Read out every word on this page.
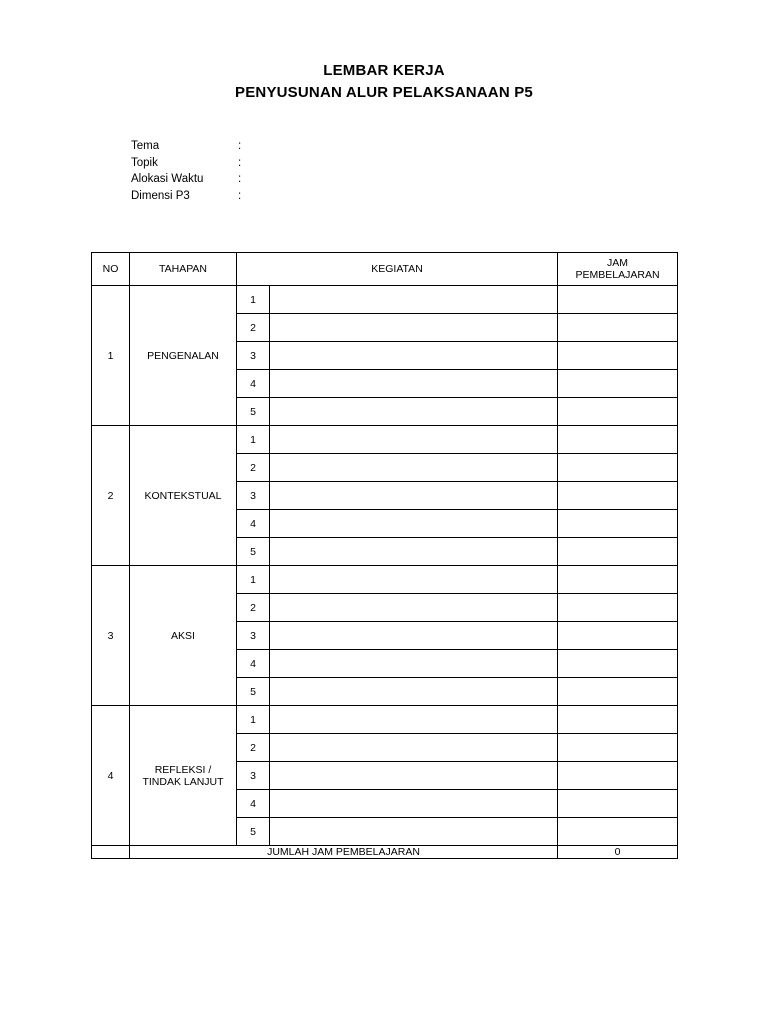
LEMBAR KERJA
PENYUSUNAN ALUR PELAKSANAAN P5
Tema	:
Topik	:
Alokasi Waktu	:
Dimensi P3	:
NO	TAHAPAN	KEGIATAN		JAM
PEMBELAJARAN

1	PENGENALAN	1		
		2		
		3		
		4		
		5		
2	KONTEKSTUAL	1		
		2		
		3		
		4		
		5		
3	AKSI	1		
		2		
		3		
		4		
		5		
4	REFLEKSI /
TINDAK LANJUT	1		
		2		
		3		
		4		
		5		
	JUMLAH JAM PEMBELAJARAN			0
